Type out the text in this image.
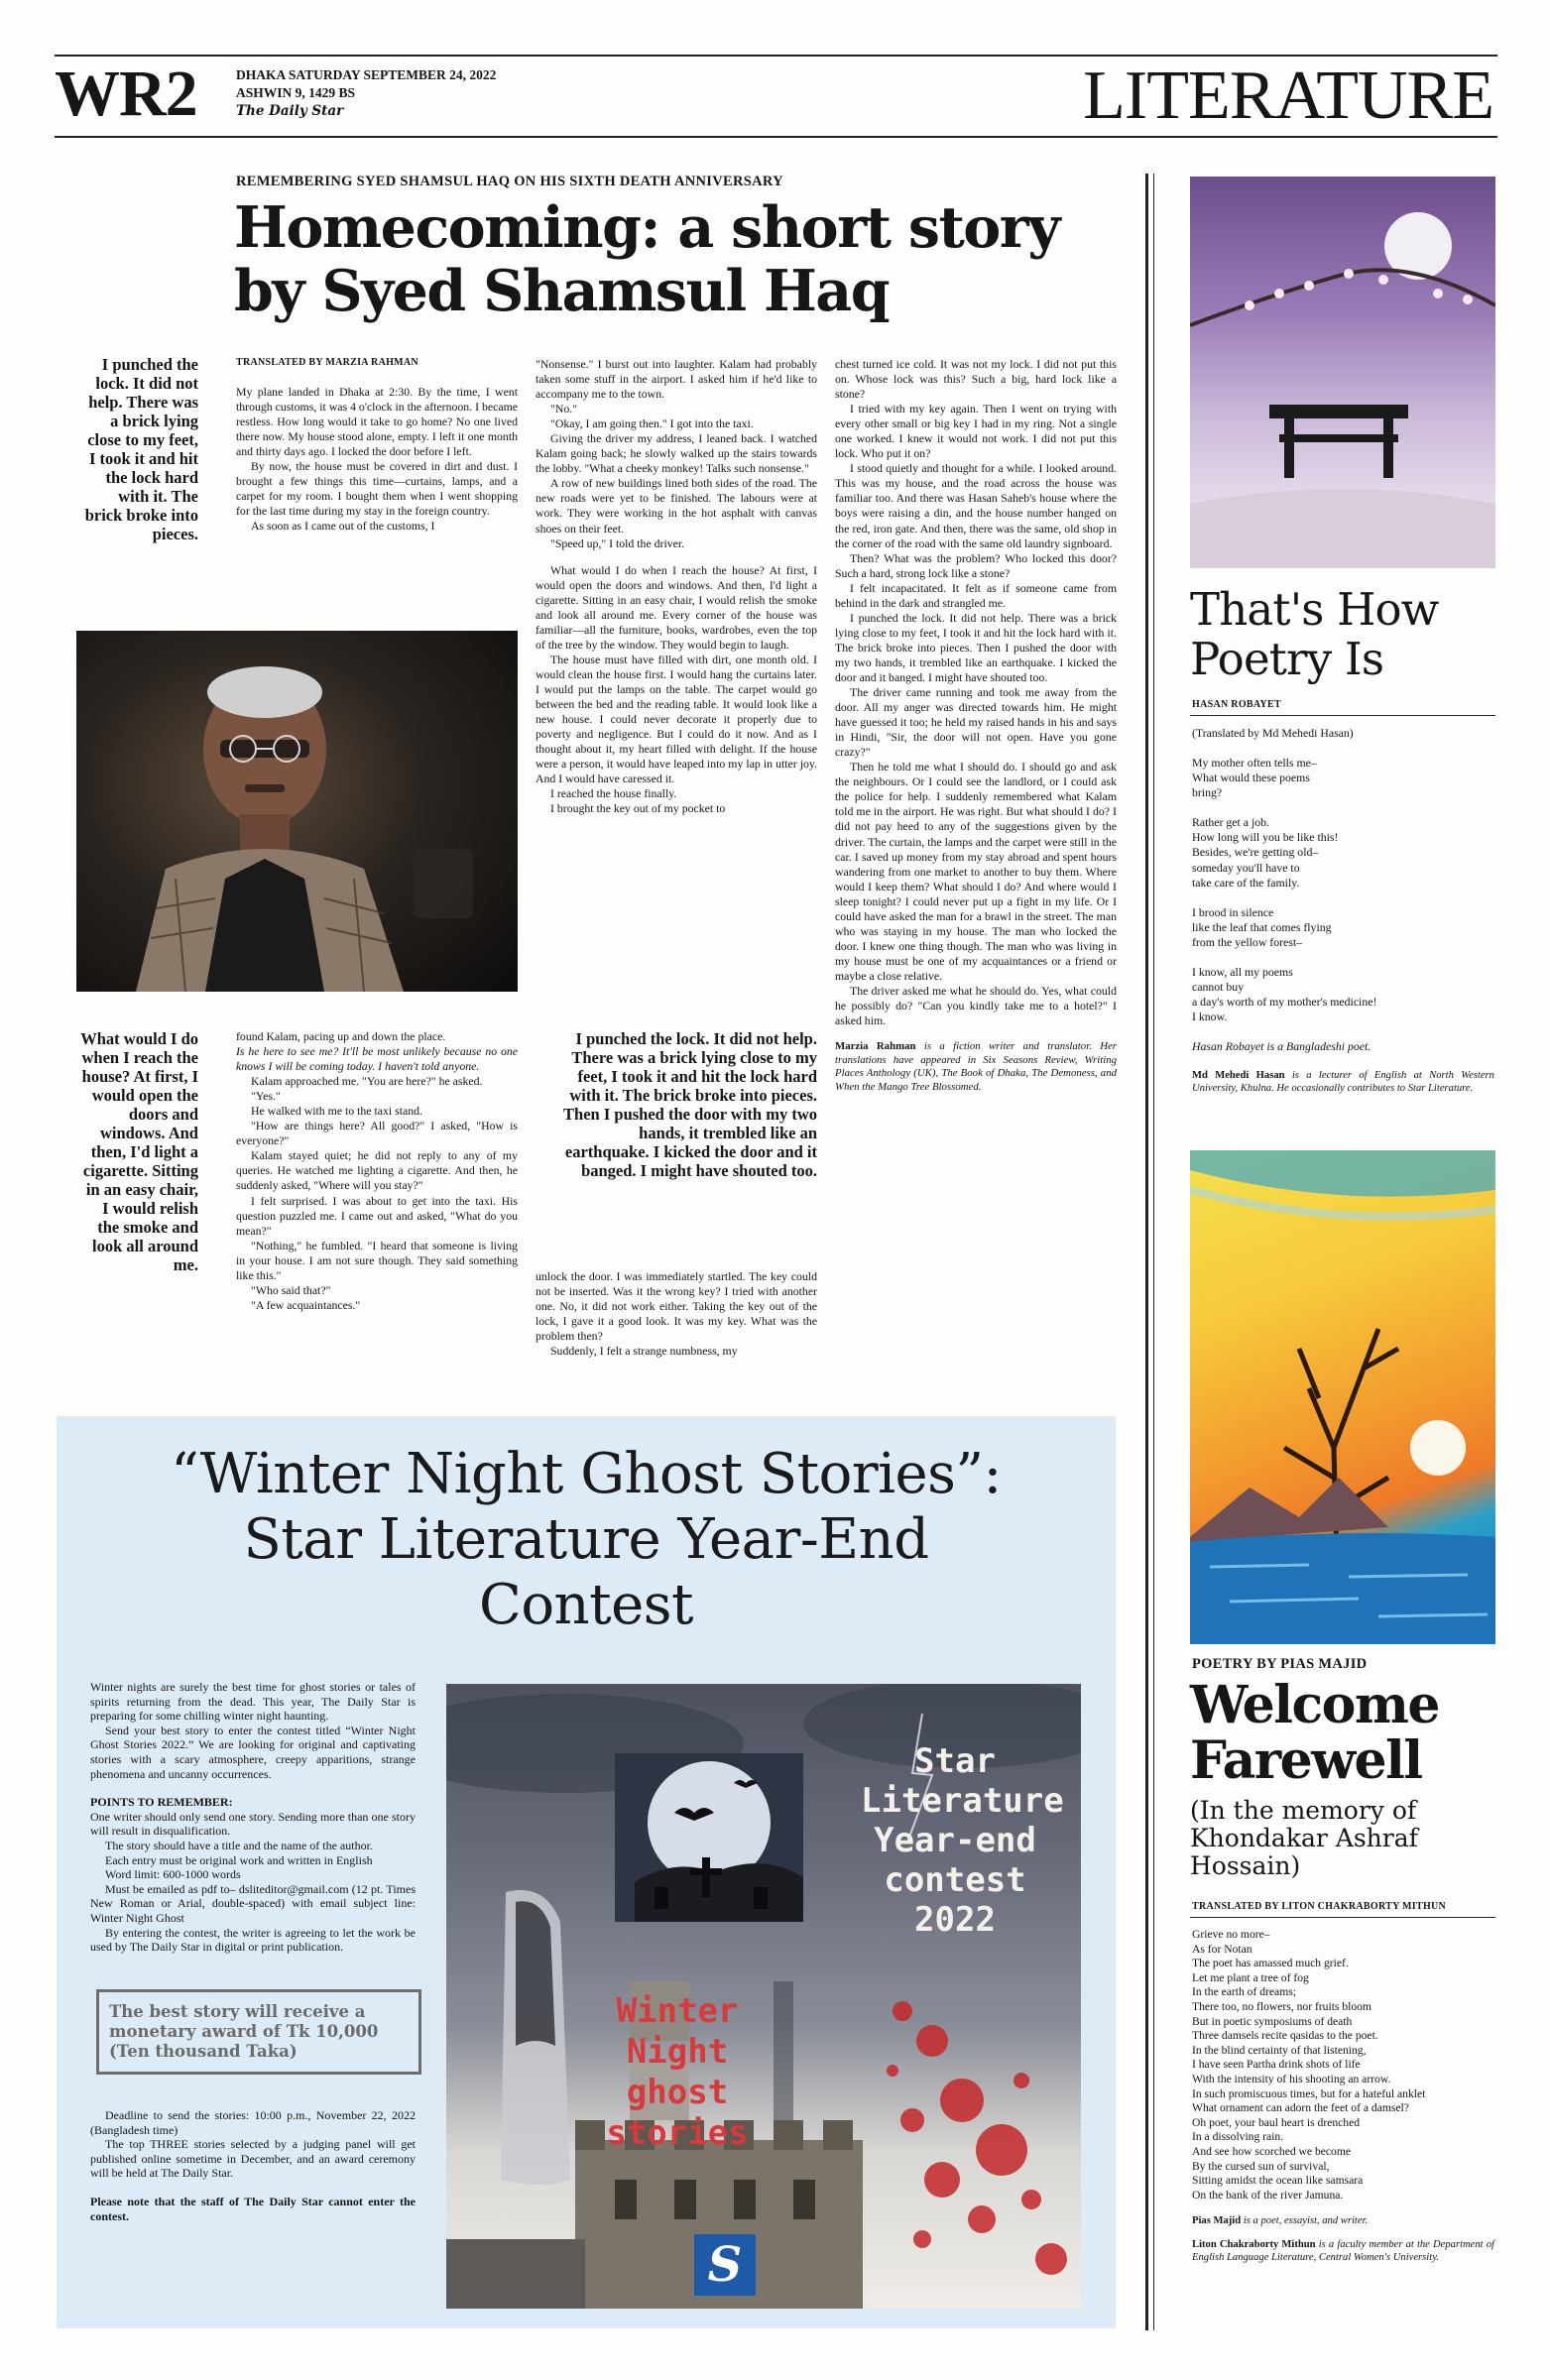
WR2	DHAKA SATURDAY SEPTEMBER 24, 2022
ASHWIN 9, 1429 BS
The Daily Star	LITERATURE
REMEMBERING SYED SHAMSUL HAQ ON HIS SIXTH DEATH ANNIVERSARY
Homecoming: a short story
by Syed Shamsul Haq
I punched the lock. It did not help. There was a brick lying close to my feet, I took it and hit the lock hard with it. The brick broke into pieces.
TRANSLATED BY MARZIA RAHMAN

My plane landed in Dhaka at 2:30. By the time, I went through customs, it was 4 o'clock in the afternoon. I became restless. How long would it take to go home? No one lived there now. My house stood alone, empty. I left it one month and thirty days ago. I locked the door before I left.

By now, the house must be covered in dirt and dust. I brought a few things this time—curtains, lamps, and a carpet for my room. I bought them when I went shopping for the last time during my stay in the foreign country.

As soon as I came out of the customs, I

"Nonsense." I burst out into laughter. Kalam had probably taken some stuff in the airport. I asked him if he'd like to accompany me to the town.

"No."

"Okay, I am going then." I got into the taxi.

Giving the driver my address, I leaned back. I watched Kalam going back; he slowly walked up the stairs towards the lobby. "What a cheeky monkey! Talks such nonsense."

A row of new buildings lined both sides of the road. The new roads were yet to be finished. The labours were at work. They were working in the hot asphalt with canvas shoes on their feet.

"Speed up," I told the driver.

What would I do when I reach the house? At first, I would open the doors and windows. And then, I'd light a cigarette. Sitting in an easy chair, I would relish the smoke and look all around me. Every corner of the house was familiar—all the furniture, books, wardrobes, even the top of the tree by the window. They would begin to laugh.

The house must have filled with dirt, one month old. I would clean the house first. I would hang the curtains later. I would put the lamps on the table. The carpet would go between the bed and the reading table. It would look like a new house. I could never decorate it properly due to poverty and negligence. But I could do it now. And as I thought about it, my heart filled with delight. If the house were a person, it would have leaped into my lap in utter joy. And I would have caressed it.

I reached the house finally.

I brought the key out of my pocket to

chest turned ice cold. It was not my lock. I did not put this on. Whose lock was this? Such a big, hard lock like a stone?

I tried with my key again. Then I went on trying with every other small or big key I had in my ring. Not a single one worked. I knew it would not work. I did not put this lock. Who put it on?

I stood quietly and thought for a while. I looked around. This was my house, and the road across the house was familiar too. And there was Hasan Saheb's house where the boys were raising a din, and the house number hanged on the red, iron gate. And then, there was the same, old shop in the corner of the road with the same old laundry signboard.

Then? What was the problem? Who locked this door? Such a hard, strong lock like a stone?

I felt incapacitated. It felt as if someone came from behind in the dark and strangled me.

I punched the lock. It did not help. There was a brick lying close to my feet, I took it and hit the lock hard with it. The brick broke into pieces. Then I pushed the door with my two hands, it trembled like an earthquake. I kicked the door and it banged. I might have shouted too.

The driver came running and took me away from the door. All my anger was directed towards him. He might have guessed it too; he held my raised hands in his and says in Hindi, "Sir, the door will not open. Have you gone crazy?"

Then he told me what I should do. I should go and ask the neighbours. Or I could see the landlord, or I could ask the police for help. I suddenly remembered what Kalam told me in the airport. He was right. But what should I do? I did not pay heed to any of the suggestions given by the driver. The curtain, the lamps and the carpet were still in the car. I saved up money from my stay abroad and spent hours wandering from one market to another to buy them. Where would I keep them? What should I do? And where would I sleep tonight? I could never put up a fight in my life. Or I could have asked the man for a brawl in the street. The man who was staying in my house. The man who locked the door. I knew one thing though. The man who was living in my house must be one of my acquaintances or a friend or maybe a close relative.

The driver asked me what he should do. Yes, what could he possibly do? "Can you kindly take me to a hotel?" I asked him.

Marzia Rahman is a fiction writer and translator. Her translations have appeared in Six Seasons Review, Writing Places Anthology (UK), The Book of Dhaka, The Demoness, and When the Mango Tree Blossomed.

What would I do when I reach the house? At first, I would open the doors and windows. And then, I'd light a cigarette. Sitting in an easy chair, I would relish the smoke and look all around me.

found Kalam, pacing up and down the place.

Is he here to see me? It'll be most unlikely because no one knows I will be coming today. I haven't told anyone.

Kalam approached me. "You are here?" he asked.

"Yes."

He walked with me to the taxi stand.

"How are things here? All good?" I asked, "How is everyone?"

Kalam stayed quiet; he did not reply to any of my queries. He watched me lighting a cigarette. And then, he suddenly asked, "Where will you stay?"

I felt surprised. I was about to get into the taxi. His question puzzled me. I came out and asked, "What do you mean?"

"Nothing," he fumbled. "I heard that someone is living in your house. I am not sure though. They said something like this."

"Who said that?"

"A few acquaintances."

I punched the lock. It did not help. There was a brick lying close to my feet, I took it and hit the lock hard with it. The brick broke into pieces. Then I pushed the door with my two hands, it trembled like an earthquake. I kicked the door and it banged. I might have shouted too.

unlock the door. I was immediately startled. The key could not be inserted. Was it the wrong key? I tried with another one. No, it did not work either. Taking the key out of the lock, I gave it a good look. It was my key. What was the problem then?

Suddenly, I felt a strange numbness, my

“Winter Night Ghost Stories”:
Star Literature Year-End
Contest

Winter nights are surely the best time for ghost stories or tales of spirits returning from the dead. This year, The Daily Star is preparing for some chilling winter night haunting.

Send your best story to enter the contest titled “Winter Night Ghost Stories 2022.” We are looking for original and captivating stories with a scary atmosphere, creepy apparitions, strange phenomena and uncanny occurrences.

POINTS TO REMEMBER:

One writer should only send one story. Sending more than one story will result in disqualification.

The story should have a title and the name of the author.

Each entry must be original work and written in English

Word limit: 600-1000 words

Must be emailed as pdf to– dsliteditor@gmail.com (12 pt. Times New Roman or Arial, double-spaced) with email subject line: Winter Night Ghost

By entering the contest, the writer is agreeing to let the work be used by The Daily Star in digital or print publication.

The best story will receive a monetary award of Tk 10,000 (Ten thousand Taka)

Deadline to send the stories: 10:00 p.m., November 22, 2022 (Bangladesh time)

The top THREE stories selected by a judging panel will get published online sometime in December, and an award ceremony will be held at The Daily Star.

Please note that the staff of The Daily Star cannot enter the contest.

Star Literature Year-end contest 2022
Winter Night ghost stories
S
That's How
Poetry Is
HASAN ROBAYET
(Translated by Md Mehedi Hasan)
My mother often tells me–
What would these poems
bring?
Rather get a job.
How long will you be like this!
Besides, we're getting old–
someday you'll have to
take care of the family.
I brood in silence
like the leaf that comes flying
from the yellow forest–
I know, all my poems
cannot buy
a day's worth of my mother's medicine!
I know.
Hasan Robayet is a Bangladeshi poet.
Md Mehedi Hasan is a lecturer of English at North Western University, Khulna. He occasionally contributes to Star Literature.
POETRY BY PIAS MAJID
Welcome
Farewell
(In the memory of
Khondakar Ashraf
Hossain)
TRANSLATED BY LITON CHAKRABORTY MITHUN
Grieve no more–
As for Notan
The poet has amassed much grief.
Let me plant a tree of fog
In the earth of dreams;
There too, no flowers, nor fruits bloom
But in poetic symposiums of death
Three damsels recite qasidas to the poet.
In the blind certainty of that listening,
I have seen Partha drink shots of life
With the intensity of his shooting an arrow.
In such promiscuous times, but for a hateful anklet
What ornament can adorn the feet of a damsel?
Oh poet, your baul heart is drenched
In a dissolving rain.
And see how scorched we become
By the cursed sun of survival,
Sitting amidst the ocean like samsara
On the bank of the river Jamuna.
Pias Majid is a poet, essayist, and writer.
Liton Chakraborty Mithun is a faculty member at the Department of English Language Literature, Central Women's University.
